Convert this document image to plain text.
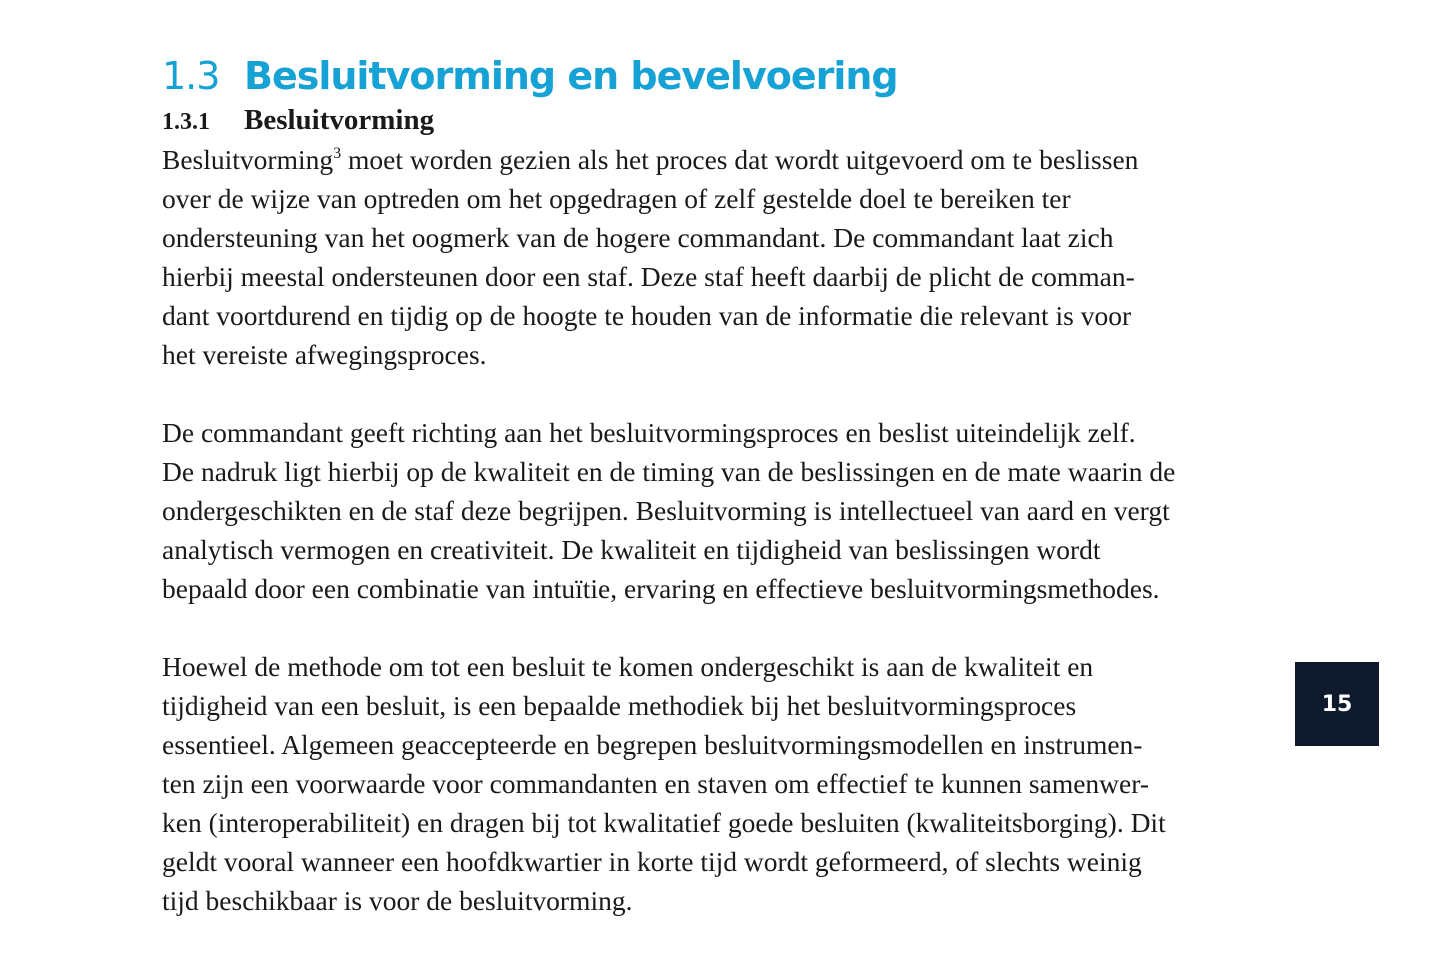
1.3 Besluitvorming en bevelvoering
1.3.1 Besluitvorming

Besluitvorming$^3$ moet worden gezien als het proces dat wordt uitgevoerd om te beslissen
over de wijze van optreden om het opgedragen of zelf gestelde doel te bereiken ter
ondersteuning van het oogmerk van de hogere commandant. De commandant laat zich
hierbij meestal ondersteunen door een staf. Deze staf heeft daarbij de plicht de comman-
dant voortdurend en tijdig op de hoogte te houden van de informatie die relevant is voor
het vereiste afwegingsproces.

De commandant geeft richting aan het besluitvormingsproces en beslist uiteindelijk zelf.
De nadruk ligt hierbij op de kwaliteit en de timing van de beslissingen en de mate waarin de
ondergeschikten en de staf deze begrijpen. Besluitvorming is intellectueel van aard en vergt
analytisch vermogen en creativiteit. De kwaliteit en tijdigheid van beslissingen wordt
bepaald door een combinatie van intuïtie, ervaring en effectieve besluitvormingsmethodes.

Hoewel de methode om tot een besluit te komen ondergeschikt is aan de kwaliteit en
tijdigheid van een besluit, is een bepaalde methodiek bij het besluitvormingsproces
essentieel. Algemeen geaccepteerde en begrepen besluitvormingsmodellen en instrumen-
ten zijn een voorwaarde voor commandanten en staven om effectief te kunnen samenwer-
ken (interoperabiliteit) en dragen bij tot kwalitatief goede besluiten (kwaliteitsborging). Dit
geldt vooral wanneer een hoofdkwartier in korte tijd wordt geformeerd, of slechts weinig
tijd beschikbaar is voor de besluitvorming.

15
